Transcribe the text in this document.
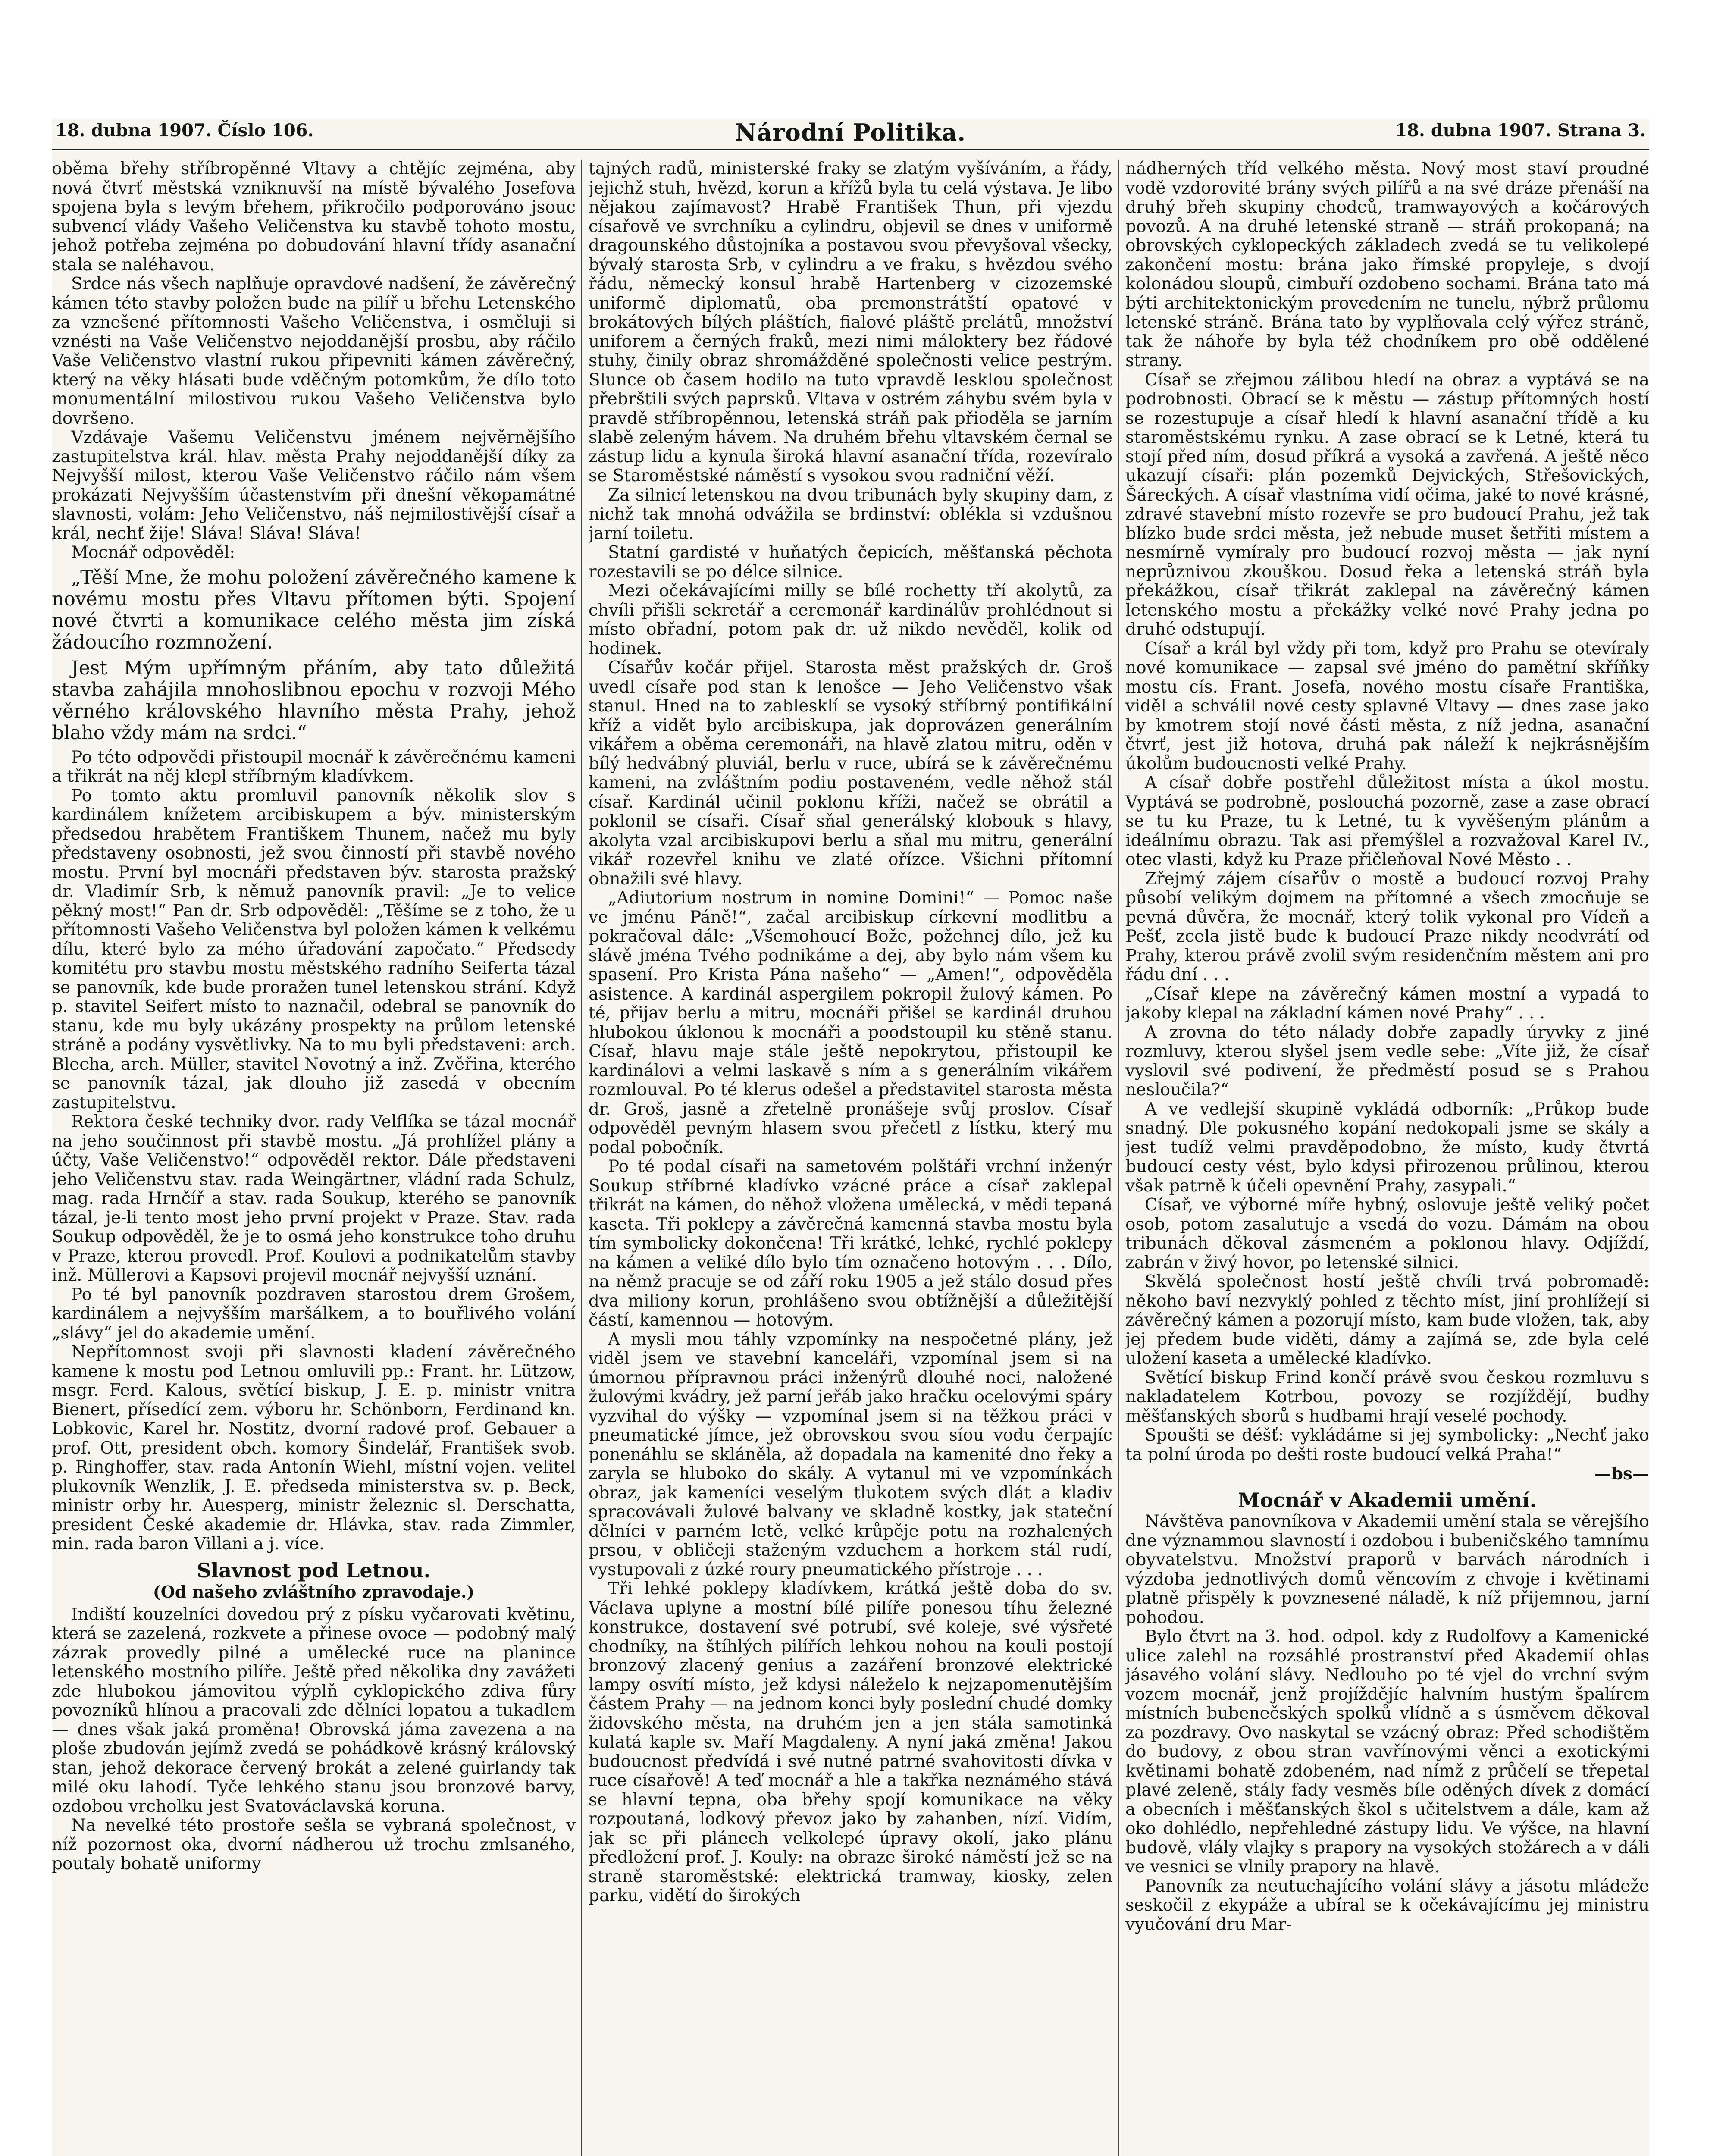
18. dubna 1907. Číslo 106.	Národní Politika.	18. dubna 1907. Strana 3.

oběma břehy stříbropěnné Vltavy a chtějíc zejména, aby nová čtvrť městská vzniknuvší na místě bývalého Josefova spojena byla s levým břehem, přikročilo podporováno jsouc subvencí vlády Vašeho Veličenstva ku stavbě tohoto mostu, jehož potřeba zejména po dobudování hlavní třídy asanační stala se naléhavou.

Srdce nás všech naplňuje opravdové nadšení, že závěrečný kámen této stavby položen bude na pilíř u břehu Letenského za vznešené přítomnosti Vašeho Veličenstva, i osměluji si vznésti na Vaše Veličenstvo nejoddanější prosbu, aby ráčilo Vaše Veličenstvo vlastní rukou připevniti kámen závěrečný, který na věky hlásati bude vděčným potomkům, že dílo toto monumentální milostivou rukou Vašeho Veličenstva bylo dovršeno.

Vzdávaje Vašemu Veličenstvu jménem nejvěrnějšího zastupitelstva král. hlav. města Prahy nejoddanější díky za Nejvyšší milost, kterou Vaše Veličenstvo ráčilo nám všem prokázati Nejvyšším účastenstvím při dnešní věkopamátné slavnosti, volám: Jeho Veličenstvo, náš nejmilostivější císař a král, nechť žije! Sláva! Sláva! Sláva!

Mocnář odpověděl:

„Těší Mne, že mohu položení závěrečného kamene k novému mostu přes Vltavu přítomen býti. Spojení nové čtvrti a komunikace celého města jim získá žádoucího rozmnožení.

Jest Mým upřímným přáním, aby tato důležitá stavba zahájila mnohoslibnou epochu v rozvoji Mého věrného královského hlavního města Prahy, jehož blaho vždy mám na srdci.“

Po této odpovědi přistoupil mocnář k závěrečnému kameni a třikrát na něj klepl stříbrným kladívkem.

Po tomto aktu promluvil panovník několik slov s kardinálem knížetem arcibiskupem a býv. ministerským předsedou hrabětem Františkem Thunem, načež mu byly představeny osobnosti, jež svou činností při stavbě nového mostu. První byl mocnáři představen býv. starosta pražský dr. Vladimír Srb, k němuž panovník pravil: „Je to velice pěkný most!“ Pan dr. Srb odpověděl: „Těšíme se z toho, že u přítomnosti Vašeho Veličenstva byl položen kámen k velkému dílu, které bylo za mého úřadování započato.“ Předsedy komitétu pro stavbu mostu městského radního Seiferta tázal se panovník, kde bude proražen tunel letenskou strání. Když p. stavitel Seifert místo to naznačil, odebral se panovník do stanu, kde mu byly ukázány prospekty na průlom letenské stráně a podány vysvětlivky. Na to mu byli představeni: arch. Blecha, arch. Müller, stavitel Novotný a inž. Zvěřina, kterého se panovník tázal, jak dlouho již zasedá v obecním zastupitelstvu.

Rektora české techniky dvor. rady Velflíka se tázal mocnář na jeho součinnost při stavbě mostu. „Já prohlížel plány a účty, Vaše Veličenstvo!“ odpověděl rektor. Dále představeni jeho Veličenstvu stav. rada Weingärtner, vládní rada Schulz, mag. rada Hrnčíř a stav. rada Soukup, kterého se panovník tázal, je-li tento most jeho první projekt v Praze. Stav. rada Soukup odpověděl, že je to osmá jeho konstrukce toho druhu v Praze, kterou provedl. Prof. Koulovi a podnikatelům stavby inž. Müllerovi a Kapsovi projevil mocnář nejvyšší uznání.

Po té byl panovník pozdraven starostou drem Grošem, kardinálem a nejvyšším maršálkem, a to bouřlivého volání „slávy“ jel do akademie umění.

Nepřítomnost svoji při slavnosti kladení závěrečného kamene k mostu pod Letnou omluvili pp.: Frant. hr. Lützow, msgr. Ferd. Kalous, světící biskup, J. E. p. ministr vnitra Bienert, přísedící zem. výboru hr. Schönborn, Ferdinand kn. Lobkovic, Karel hr. Nostitz, dvorní radové prof. Gebauer a prof. Ott, president obch. komory Šindelář, František svob. p. Ringhoffer, stav. rada Antonín Wiehl, místní vojen. velitel plukovník Wenzlik, J. E. předseda ministerstva sv. p. Beck, ministr orby hr. Auesperg, ministr železnic sl. Derschatta, president České akademie dr. Hlávka, stav. rada Zimmler, min. rada baron Villani a j. více.

Slavnost pod Letnou.
(Od našeho zvláštního zpravodaje.)

Indiští kouzelníci dovedou prý z písku vyčarovati květinu, která se zazelená, rozkvete a přinese ovoce — podobný malý zázrak provedly pilné a umělecké ruce na planince letenského mostního pilíře. Ještě před několika dny zavážeti zde hlubokou jámovitou výplň cyklopického zdiva fůry povozníků hlínou a pracovali zde dělníci lopatou a tukadlem — dnes však jaká proměna! Obrovská jáma zavezena a na ploše zbudován jejímž zvedá se pohádkově krásný královský stan, jehož dekorace červený brokát a zelené guirlandy tak milé oku lahodí. Tyče lehkého stanu jsou bronzové barvy, ozdobou vrcholku jest Svatováclavská koruna.

Na nevelké této prostoře sešla se vybraná společnost, v níž pozornost oka, dvorní nádherou už trochu zmlsaného, poutaly bohatě uniformy

tajných radů, ministerské fraky se zlatým vyšíváním, a řády, jejichž stuh, hvězd, korun a křížů byla tu celá výstava. Je libo nějakou zajímavost? Hrabě František Thun, při vjezdu císařově ve svrchníku a cylindru, objevil se dnes v uniformě dragounského důstojníka a postavou svou převyšoval všecky, bývalý starosta Srb, v cylindru a ve fraku, s hvězdou svého řádu, německý konsul hrabě Hartenberg v cizozemské uniformě diplomatů, oba premonstrátští opatové v brokátových bílých pláštích, fialové pláště prelátů, množství uniforem a černých fraků, mezi nimi máloktery bez řádové stuhy, činily obraz shromážděné společnosti velice pestrým. Slunce ob časem hodilo na tuto vpravdě lesklou společnost přebrštili svých paprsků. Vltava v ostrém záhybu svém byla v pravdě stříbropěnnou, letenská stráň pak přioděla se jarním slabě zeleným hávem. Na druhém břehu vltavském černal se zástup lidu a kynula široká hlavní asanační třída, rozevíralo se Staroměstské náměstí s vysokou svou radniční věží.

Za silnicí letenskou na dvou tribunách byly skupiny dam, z nichž tak mnohá odvážila se brdinství: oblékla si vzdušnou jarní toiletu.

Statní gardisté v huňatých čepicích, měšťanská pěchota rozestavili se po délce silnice.

Mezi očekávajícími milly se bílé rochetty tří akolytů, za chvíli přišli sekretář a ceremonář kardinálův prohlédnout si místo obřadní, potom pak dr. už nikdo nevěděl, kolik od hodinek.

Císařův kočár přijel. Starosta měst pražských dr. Groš uvedl císaře pod stan k lenošce — Jeho Veličenstvo však stanul. Hned na to zablesklí se vysoký stříbrný pontifikální kříž a vidět bylo arcibiskupa, jak doprovázen generálním vikářem a oběma ceremonáři, na hlavě zlatou mitru, oděn v bílý hedvábný pluviál, berlu v ruce, ubírá se k závěrečnému kameni, na zvláštním podiu postaveném, vedle něhož stál císař. Kardinál učinil poklonu kříži, načež se obrátil a poklonil se císaři. Císař sňal generálský klobouk s hlavy, akolyta vzal arcibiskupovi berlu a sňal mu mitru, generální vikář rozevřel knihu ve zlaté ořízce. Všichni přítomní obnažili své hlavy.

„Adiutorium nostrum in nomine Domini!“ — Pomoc naše ve jménu Páně!“, začal arcibiskup církevní modlitbu a pokračoval dále: „Všemohoucí Bože, požehnej dílo, jež ku slávě jména Tvého podnikáme a dej, aby bylo nám všem ku spasení. Pro Krista Pána našeho“ — „Amen!“, odpověděla asistence. A kardinál aspergilem pokropil žulový kámen. Po té, přijav berlu a mitru, mocnáři přišel se kardinál druhou hlubokou úklonou k mocnáři a poodstoupil ku stěně stanu. Císař, hlavu maje stále ještě nepokrytou, přistoupil ke kardinálovi a velmi laskavě s ním a s generálním vikářem rozmlouval. Po té klerus odešel a představitel starosta města dr. Groš, jasně a zřetelně pronášeje svůj proslov. Císař odpověděl pevným hlasem svou přečetl z lístku, který mu podal pobočník.

Po té podal císaři na sametovém polštáři vrchní inženýr Soukup stříbrné kladívko vzácné práce a císař zaklepal třikrát na kámen, do něhož vložena umělecká, v mědi tepaná kaseta. Tři poklepy a závěrečná kamenná stavba mostu byla tím symbolicky dokončena! Tři krátké, lehké, rychlé poklepy na kámen a veliké dílo bylo tím označeno hotovým . . . Dílo, na němž pracuje se od září roku 1905 a jež stálo dosud přes dva miliony korun, prohlášeno svou obtížnější a důležitější částí, kamennou — hotovým.

A mysli mou táhly vzpomínky na nespočetné plány, jež viděl jsem ve stavební kanceláři, vzpomínal jsem si na úmornou přípravnou práci inženýrů dlouhé noci, naložené žulovými kvádry, jež parní jeřáb jako hračku ocelovými spáry vyzvihal do výšky — vzpomínal jsem si na těžkou práci v pneumatické jímce, jež obrovskou svou síou vodu čerpajíc ponenáhlu se skláněla, až dopadala na kamenité dno řeky a zaryla se hluboko do skály. A vytanul mi ve vzpomínkách obraz, jak kameníci veselým tlukotem svých dlát a kladiv spracovávali žulové balvany ve skladně kostky, jak stateční dělníci v parném letě, velké krůpěje potu na rozhalených prsou, v obličeji staženým vzduchem a horkem stál rudí, vystupovali z úzké roury pneumatického přístroje . . .

Tři lehké poklepy kladívkem, krátká ještě doba do sv. Václava uplyne a mostní bílé pilíře ponesou tíhu železné konstrukce, dostavení své potrubí, své koleje, své výsřeté chodníky, na štíhlých pilířích lehkou nohou na kouli postojí bronzový zlacený genius a zazáření bronzové elektrické lampy osvítí místo, jež kdysi náleželo k nejzapomenutějším částem Prahy — na jednom konci byly poslední chudé domky židovského města, na druhém jen a jen stála samotinká kulatá kaple sv. Maří Magdaleny. A nyní jaká změna! Jakou budoucnost předvídá i své nutné patrné svahovitosti dívka v ruce císařově! A teď mocnář a hle a takřka neznámého stává se hlavní tepna, oba břehy spojí komunikace na věky rozpoutaná, lodkový převoz jako by zahanben, nízí. Vidím, jak se při plánech velkolepé úpravy okolí, jako plánu předložení prof. J. Kouly: na obraze široké náměstí jež se na straně staroměstské: elektrická tramway, kiosky, zelen parku, vidětí do širokých

nádherných tříd velkého města. Nový most staví proudné vodě vzdorovité brány svých pilířů a na své dráze přenáší na druhý břeh skupiny chodců, tramwayových a kočárových povozů. A na druhé letenské straně — stráň prokopaná; na obrovských cyklopeckých základech zvedá se tu velikolepé zakončení mostu: brána jako římské propyleje, s dvojí kolonádou sloupů, cimbuří ozdobeno sochami. Brána tato má býti architektonickým provedením ne tunelu, nýbrž průlomu letenské stráně. Brána tato by vyplňovala celý výřez stráně, tak že náhoře by byla též chodníkem pro obě oddělené strany.

Císař se zřejmou zálibou hledí na obraz a vyptává se na podrobnosti. Obrací se k městu — zástup přítomných hostí se rozestupuje a císař hledí k hlavní asanační třídě a ku staroměstskému rynku. A zase obrací se k Letné, která tu stojí před ním, dosud příkrá a vysoká a zavřená. A ještě něco ukazují císaři: plán pozemků Dejvických, Střešovických, Šáreckých. A císař vlastníma vidí očima, jaké to nové krásné, zdravé stavební místo rozevře se pro budoucí Prahu, jež tak blízko bude srdci města, jež nebude muset šetřiti místem a nesmírně vymíraly pro budoucí rozvoj města — jak nyní neprůznivou zkouškou. Dosud řeka a letenská stráň byla překážkou, císař třikrát zaklepal na závěrečný kámen letenského mostu a překážky velké nové Prahy jedna po druhé odstupují.

Císař a král byl vždy při tom, když pro Prahu se otevíraly nové komunikace — zapsal své jméno do pamětní skříňky mostu cís. Frant. Josefa, nového mostu císaře Františka, viděl a schválil nové cesty splavné Vltavy — dnes zase jako by kmotrem stojí nové části města, z níž jedna, asanační čtvrť, jest již hotova, druhá pak náleží k nejkrásnějším úkolům budoucnosti velké Prahy.

A císař dobře postřehl důležitost místa a úkol mostu. Vyptává se podrobně, poslouchá pozorně, zase a zase obrací se tu ku Praze, tu k Letné, tu k vyvěšeným plánům a ideálnímu obrazu. Tak asi přemýšlel a rozvažoval Karel IV., otec vlasti, když ku Praze přičleňoval Nové Město . .

Zřejmý zájem císařův o mostě a budoucí rozvoj Prahy působí velikým dojmem na přítomné a všech zmocňuje se pevná důvěra, že mocnář, který tolik vykonal pro Vídeň a Pešť, zcela jistě bude k budoucí Praze nikdy neodvrátí od Prahy, kterou právě zvolil svým residenčním městem ani pro řádu dní . . .

„Císař klepe na závěrečný kámen mostní a vypadá to jakoby klepal na základní kámen nové Prahy“ . . .

A zrovna do této nálady dobře zapadly úryvky z jiné rozmluvy, kterou slyšel jsem vedle sebe: „Víte již, že císař vyslovil své podivení, že předměstí posud se s Prahou nesloučila?“

A ve vedlejší skupině vykládá odborník: „Průkop bude snadný. Dle pokusného kopání nedokopali jsme se skály a jest tudíž velmi pravděpodobno, že místo, kudy čtvrtá budoucí cesty vést, bylo kdysi přirozenou průlinou, kterou však patrně k účeli opevnění Prahy, zasypali.“

Císař, ve výborné míře hybný, oslovuje ještě veliký počet osob, potom zasalutuje a vsedá do vozu. Dámám na obou tribunách děkoval zásmeném a poklonou hlavy. Odjíždí, zabrán v živý hovor, po letenské silnici.

Skvělá společnost hostí ještě chvíli trvá pobromadě: někoho baví nezvyklý pohled z těchto míst, jiní prohlížejí si závěrečný kámen a pozorují místo, kam bude vložen, tak, aby jej předem bude viděti, dámy a zajímá se, zde byla celé uložení kaseta a umělecké kladívko.

Světící biskup Frind končí právě svou českou rozmluvu s nakladatelem Kotrbou, povozy se rozjíždějí, budhy měšťanských sborů s hudbami hrají veselé pochody.

Spoušti se déšť: vykládáme si jej symbolicky: „Nechť jako ta polní úroda po dešti roste budoucí velká Praha!“

—bs—
Mocnář v Akademii umění.

Návštěva panovníkova v Akademii umění stala se věrejšího dne význammou slavností i ozdobou i bubeničského tamnímu obyvatelstvu. Množství praporů v barvách národních i výzdoba jednotlivých domů věncovím z chvoje i květinami platně přispěly k povznesené náladě, k níž přijemnou, jarní pohodou.

Bylo čtvrt na 3. hod. odpol. kdy z Rudolfovy a Kamenické ulice zalehl na rozsáhlé prostranství před Akademií ohlas jásavého volání slávy. Nedlouho po té vjel do vrchní svým vozem mocnář, jenž projíždějíc halvním hustým špalírem místních bubenečských spolků vlídně a s úsměvem děkoval za pozdravy. Ovo naskytal se vzácný obraz: Před schodištěm do budovy, z obou stran vavřínovými věnci a exotickými květinami bohatě zdobeném, nad nímž z průčelí se třepetal plavé zeleně, stály fady vesměs bíle oděných dívek z domácí a obecních i měšťanských škol s učitelstvem a dále, kam až oko dohlédlo, nepřehledné zástupy lidu. Ve výšce, na hlavní budově, vlály vlajky s prapory na vysokých stožárech a v dáli ve vesnici se vlnily prapory na hlavě.

Panovník za neutuchajícího volání slávy a jásotu mládeže seskočil z ekypáže a ubíral se k očekávajícímu jej ministru vyučování dru Mar-
